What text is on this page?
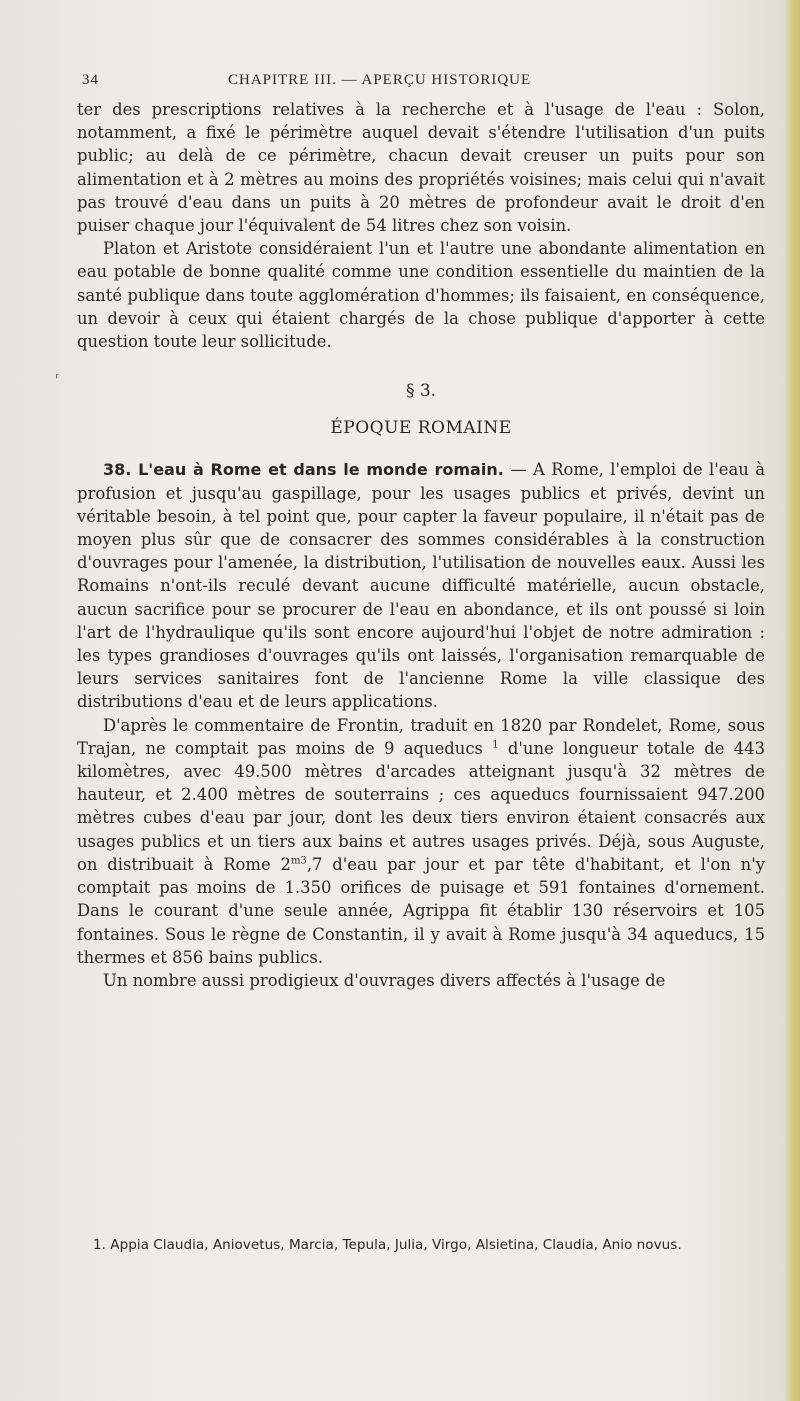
34	CHAPITRE III. — APERÇU HISTORIQUE
⸢

ter des prescriptions relatives à la recherche et à l'usage de l'eau : Solon, notamment, a fixé le périmètre auquel devait s'étendre l'utilisation d'un puits public; au delà de ce périmètre, chacun devait creuser un puits pour son alimentation et à 2 mètres au moins des propriétés voisines; mais celui qui n'avait pas trouvé d'eau dans un puits à 20 mètres de profondeur avait le droit d'en puiser chaque jour l'équivalent de 54 litres chez son voisin.

Platon et Aristote considéraient l'un et l'autre une abondante alimentation en eau potable de bonne qualité comme une condition essentielle du maintien de la santé publique dans toute agglomération d'hommes; ils faisaient, en conséquence, un devoir à ceux qui étaient chargés de la chose publique d'apporter à cette question toute leur sollicitude.

§ 3.
ÉPOQUE ROMAINE

38. L'eau à Rome et dans le monde romain. — A Rome, l'emploi de l'eau à profusion et jusqu'au gaspillage, pour les usages publics et privés, devint un véritable besoin, à tel point que, pour capter la faveur populaire, il n'était pas de moyen plus sûr que de consacrer des sommes considérables à la construction d'ouvrages pour l'amenée, la distribution, l'utilisation de nouvelles eaux. Aussi les Romains n'ont-ils reculé devant aucune difficulté matérielle, aucun obstacle, aucun sacrifice pour se procurer de l'eau en abondance, et ils ont poussé si loin l'art de l'hydraulique qu'ils sont encore aujourd'hui l'objet de notre admiration : les types grandioses d'ouvrages qu'ils ont laissés, l'organisation remarquable de leurs services sanitaires font de l'ancienne Rome la ville classique des distributions d'eau et de leurs applications.

D'après le commentaire de Frontin, traduit en 1820 par Rondelet, Rome, sous Trajan, ne comptait pas moins de 9 aqueducs $^1$ d'une longueur totale de 443 kilomètres, avec 49.500 mètres d'arcades atteignant jusqu'à 32 mètres de hauteur, et 2.400 mètres de souterrains ; ces aqueducs fournissaient 947.200 mètres cubes d'eau par jour, dont les deux tiers environ étaient consacrés aux usages publics et un tiers aux bains et autres usages privés. Déjà, sous Auguste, on distribuait à Rome $2^{m3},7$ d'eau par jour et par tête d'habitant, et l'on n'y comptait pas moins de 1.350 orifices de puisage et 591 fontaines d'ornement. Dans le courant d'une seule année, Agrippa fit établir 130 réservoirs et 105 fontaines. Sous le règne de Constantin, il y avait à Rome jusqu'à 34 aqueducs, 15 thermes et 856 bains publics.

Un nombre aussi prodigieux d'ouvrages divers affectés à l'usage de

1. Appia Claudia, Aniovetus, Marcia, Tepula, Julia, Virgo, Alsietina, Claudia, Anio novus.
